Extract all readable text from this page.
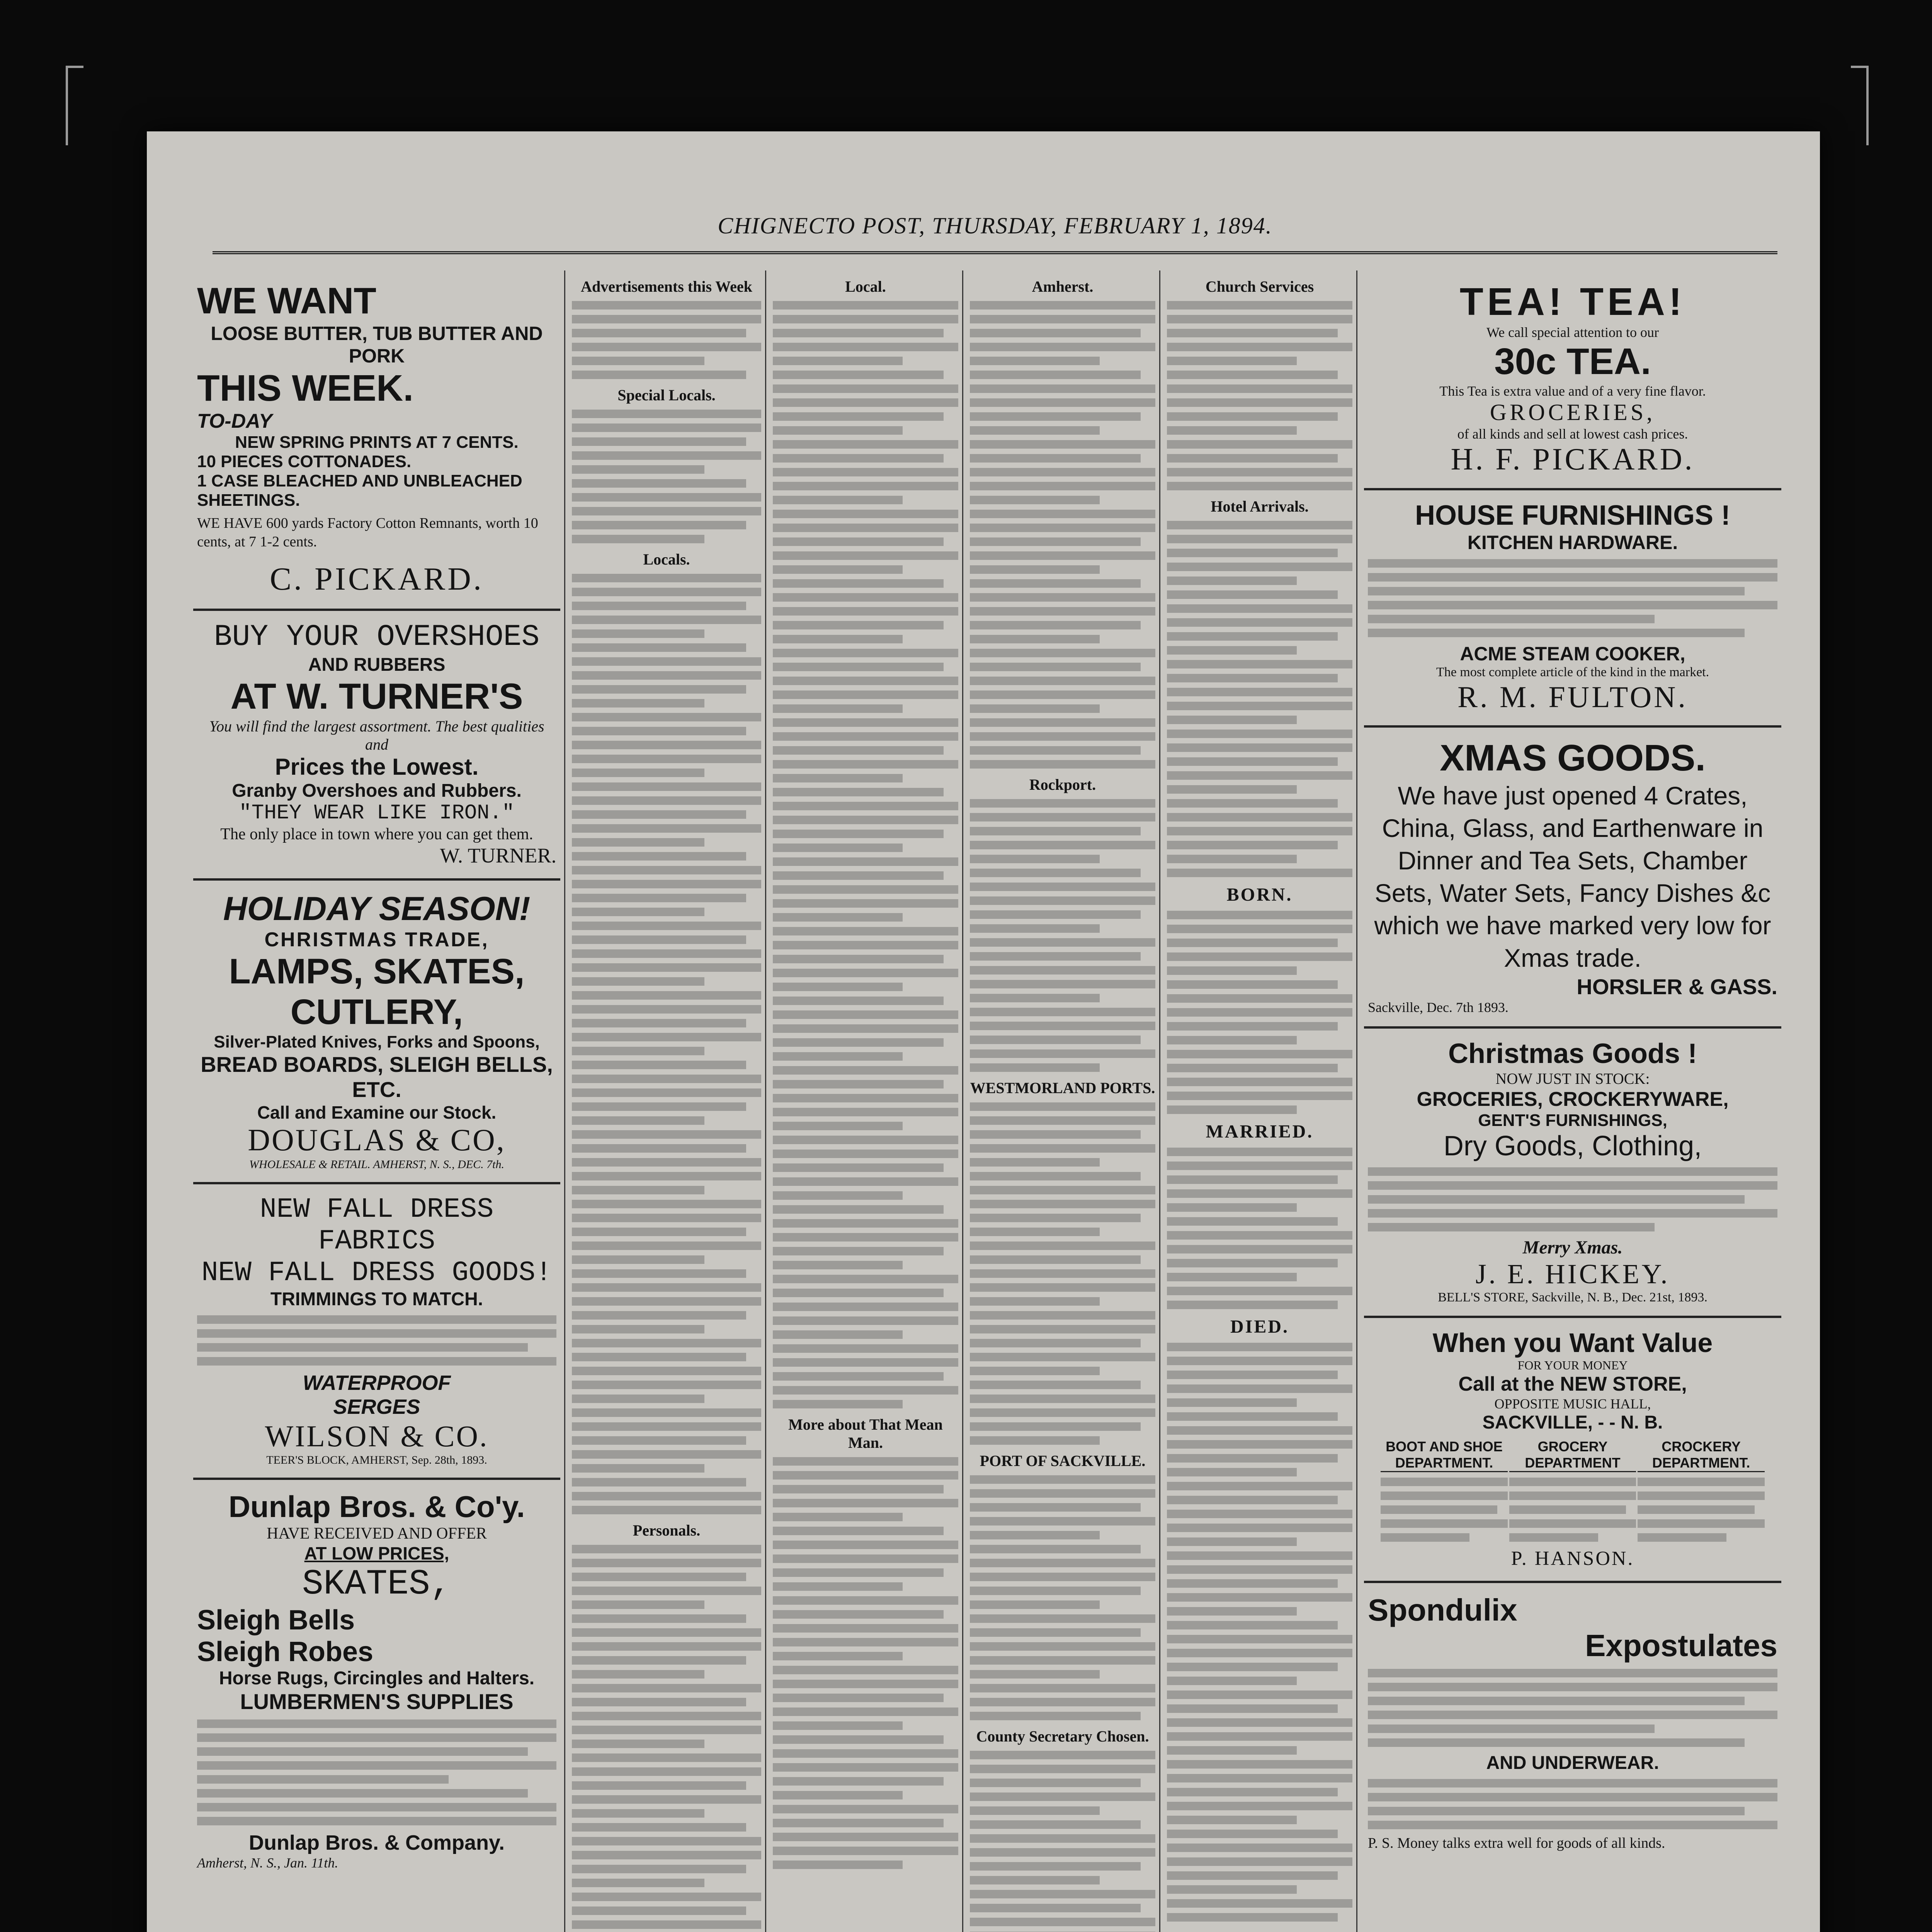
CHIGNECTO POST, THURSDAY, FEBRUARY 1, 1894.
WE WANT
LOOSE BUTTER, TUB BUTTER AND PORK
THIS WEEK.
TO-DAY
NEW SPRING PRINTS AT 7 CENTS.
10 PIECES COTTONADES.
1 CASE BLEACHED AND UNBLEACHED SHEETINGS.
WE HAVE 600 yards Factory Cotton Remnants, worth 10 cents, at 7 1-2 cents.
C. PICKARD.
BUY YOUR OVERSHOES
AND RUBBERS
AT W. TURNER'S
You will find the largest assortment. The best qualities and
Prices the Lowest.
Granby Overshoes and Rubbers.
"THEY WEAR LIKE IRON."
The only place in town where you can get them.
W. TURNER.
HOLIDAY SEASON!
CHRISTMAS TRADE,
LAMPS, SKATES,
CUTLERY,
Silver-Plated Knives, Forks and Spoons,
BREAD BOARDS, SLEIGH BELLS, ETC.
Call and Examine our Stock.
DOUGLAS & CO,
WHOLESALE & RETAIL. AMHERST, N. S., DEC. 7th.
NEW FALL DRESS FABRICS
NEW FALL DRESS GOODS!
TRIMMINGS TO MATCH.
WATERPROOF
SERGES
WILSON & CO.
TEER'S BLOCK, AMHERST, Sep. 28th, 1893.
Dunlap Bros. & Co'y.
HAVE RECEIVED AND OFFER
AT LOW PRICES,
SKATES,
Sleigh Bells
Sleigh Robes
Horse Rugs, Circingles and Halters.
LUMBERMEN'S SUPPLIES
Dunlap Bros. & Company.
Amherst, N. S., Jan. 11th.
Advertisements this Week
Special Locals.
Locals.
Personals.
Local.
More about That Mean Man.
Amherst.
Rockport.
WESTMORLAND PORTS.
PORT OF SACKVILLE.
County Secretary Chosen.
Church Services
Hotel Arrivals.
BORN.
MARRIED.
DIED.
TEA! TEA!
We call special attention to our
30c TEA.
This Tea is extra value and of a very fine flavor.
GROCERIES,
of all kinds and sell at lowest cash prices.
H. F. PICKARD.
HOUSE FURNISHINGS !
KITCHEN HARDWARE.
ACME STEAM COOKER,
The most complete article of the kind in the market.
R. M. FULTON.
XMAS GOODS.
We have just opened 4 Crates, China, Glass, and Earthenware in Dinner and Tea Sets, Chamber Sets, Water Sets, Fancy Dishes &c which we have marked very low for Xmas trade.
HORSLER & GASS.
Sackville, Dec. 7th 1893.
Christmas Goods !
NOW JUST IN STOCK:
GROCERIES, CROCKERYWARE,
GENT'S FURNISHINGS,
Dry Goods, Clothing,
Merry Xmas.
J. E. HICKEY.
BELL'S STORE, Sackville, N. B., Dec. 21st, 1893.
When you Want Value
FOR YOUR MONEY
Call at the NEW STORE,
OPPOSITE MUSIC HALL,
SACKVILLE, - - N. B.
BOOT AND SHOE DEPARTMENT.

GROCERY DEPARTMENT

CROCKERY DEPARTMENT.
P. HANSON.
Spondulix
Expostulates
AND UNDERWEAR.
P. S. Money talks extra well for goods of all kinds.
